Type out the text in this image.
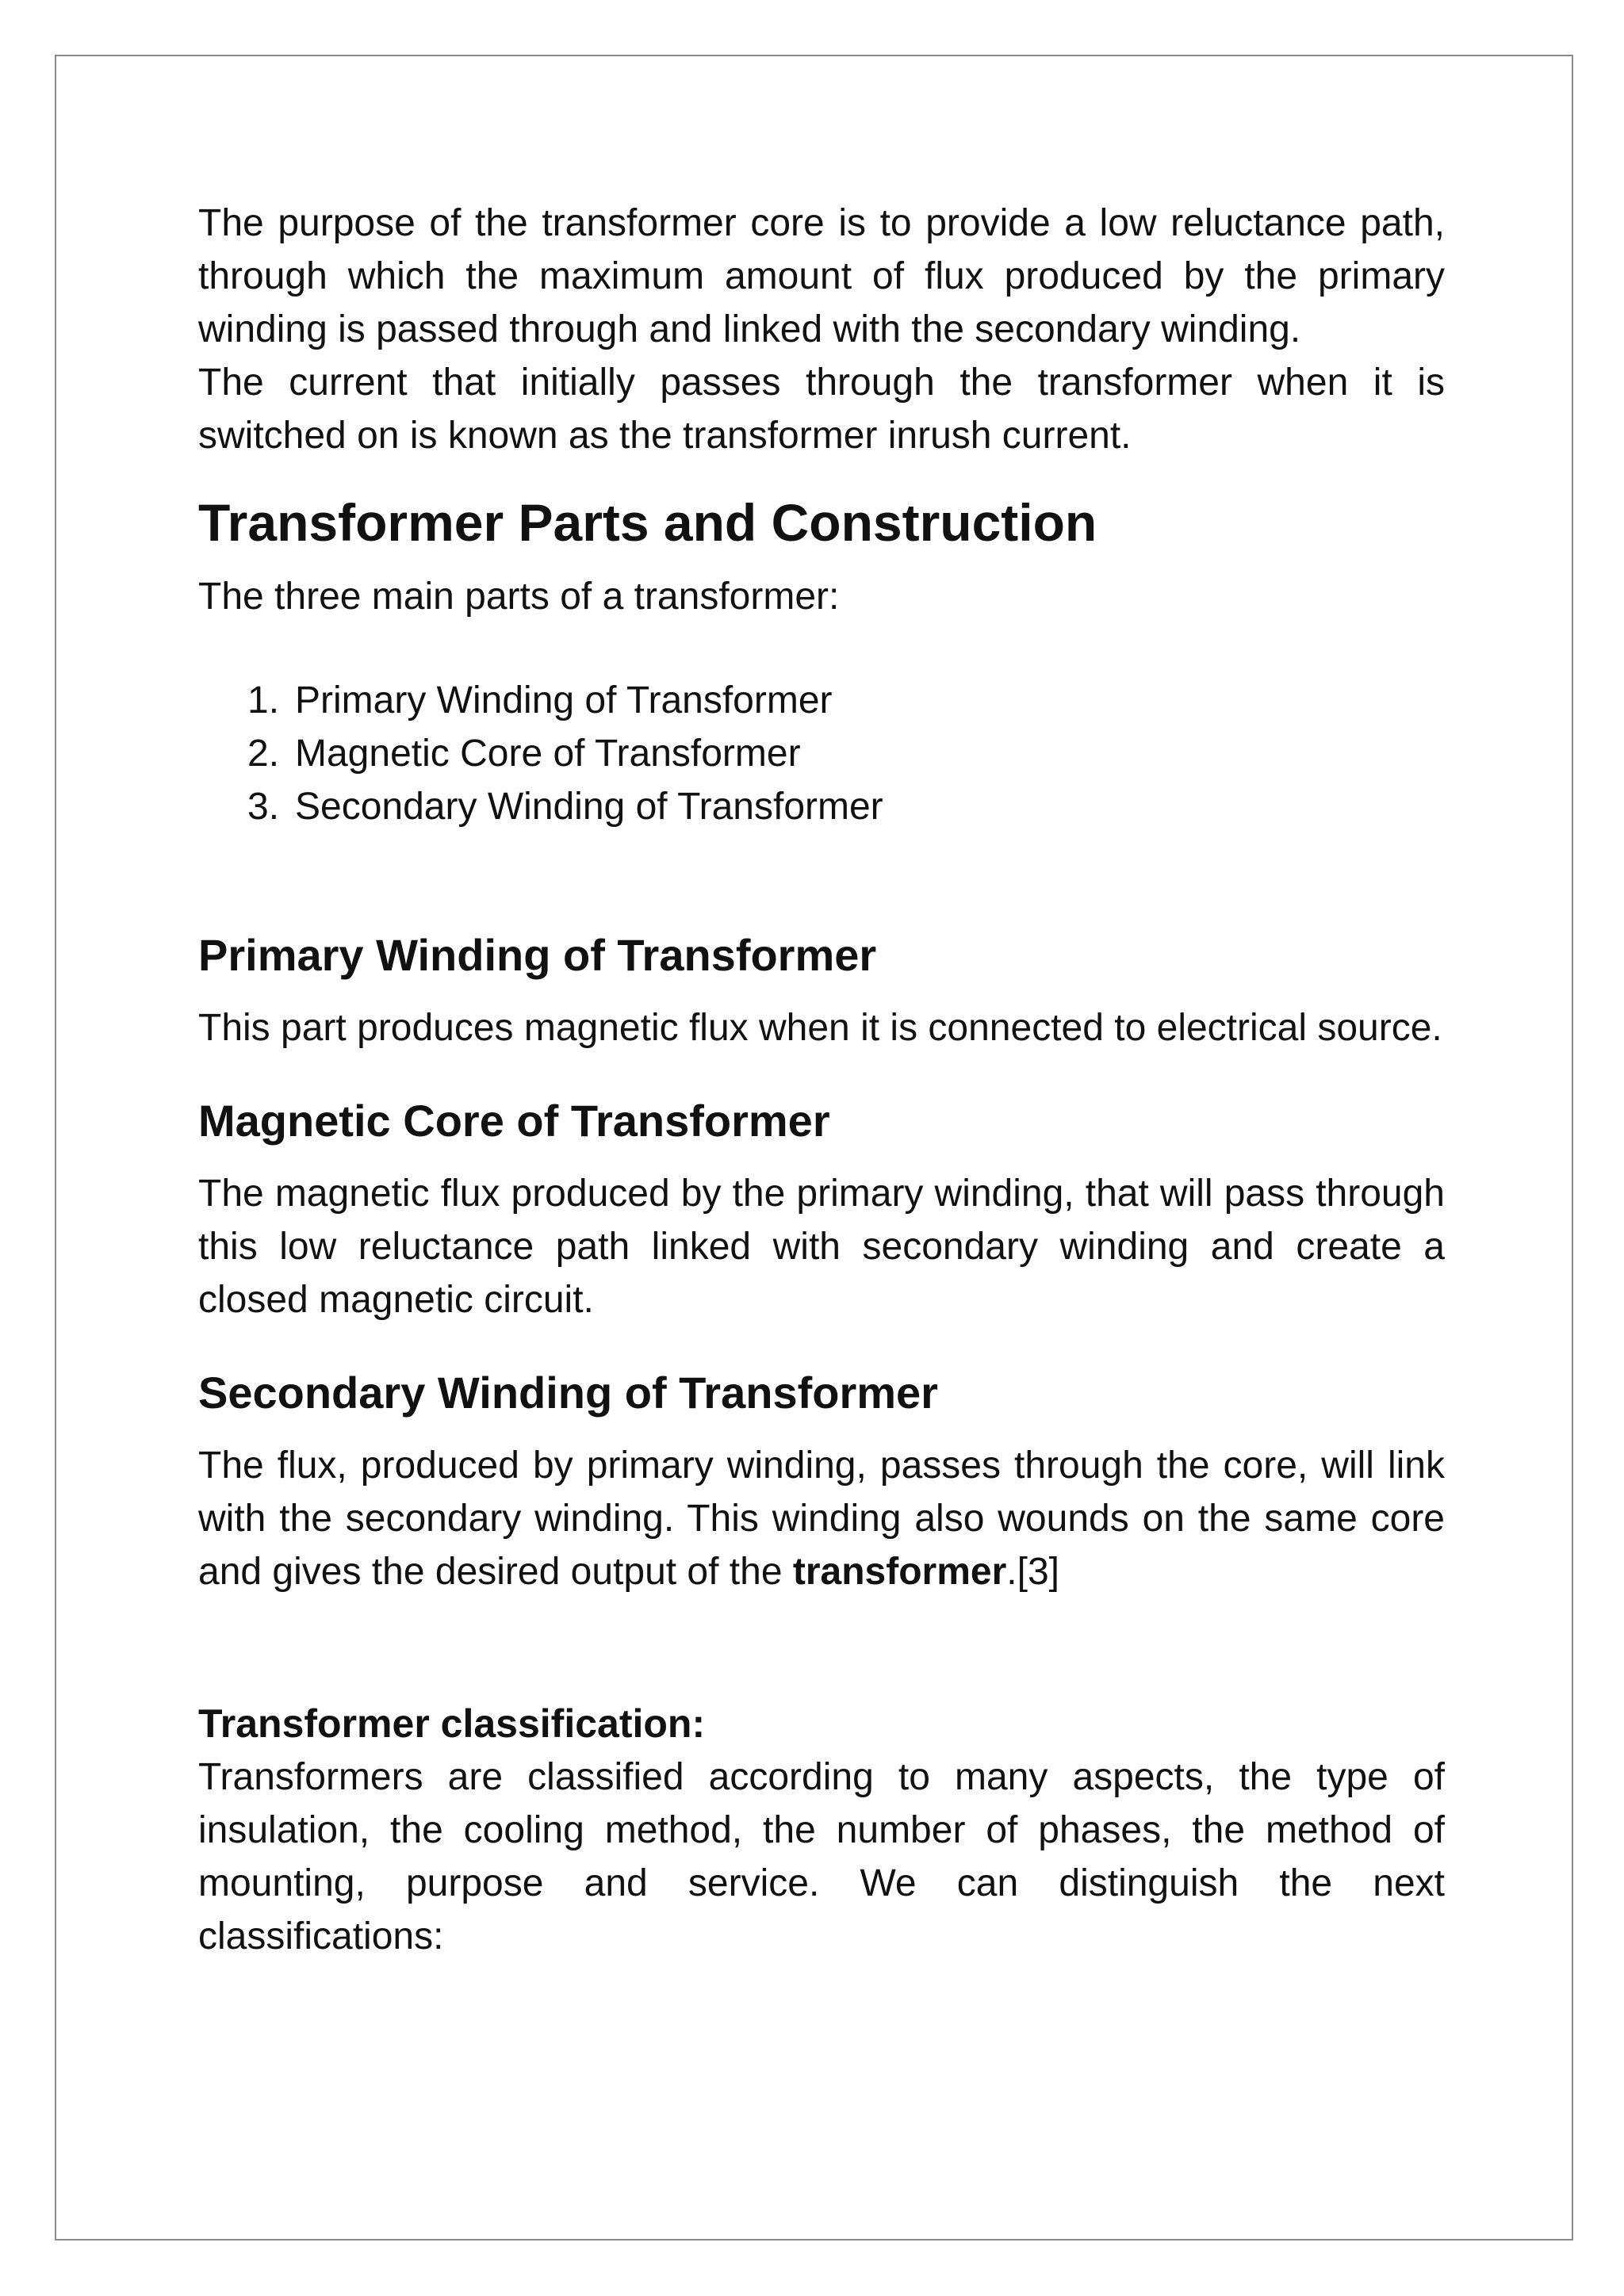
The purpose of the transformer core is to provide a low reluctance path, through which the maximum amount of flux produced by the primary winding is passed through and linked with the secondary winding.

The current that initially passes through the transformer when it is switched on is known as the transformer inrush current.

Transformer Parts and Construction

The three main parts of a transformer:

1. Primary Winding of Transformer
2. Magnetic Core of Transformer
3. Secondary Winding of Transformer
Primary Winding of Transformer

This part produces magnetic flux when it is connected to electrical source.

Magnetic Core of Transformer

The magnetic flux produced by the primary winding, that will pass through this low reluctance path linked with secondary winding and create a closed magnetic circuit.

Secondary Winding of Transformer

The flux, produced by primary winding, passes through the core, will link with the secondary winding. This winding also wounds on the same core and gives the desired output of the transformer.[3]

Transformer classification:

Transformers are classified according to many aspects, the type of insulation, the cooling method, the number of phases, the method of mounting, purpose and service. We can distinguish the next classifications:
